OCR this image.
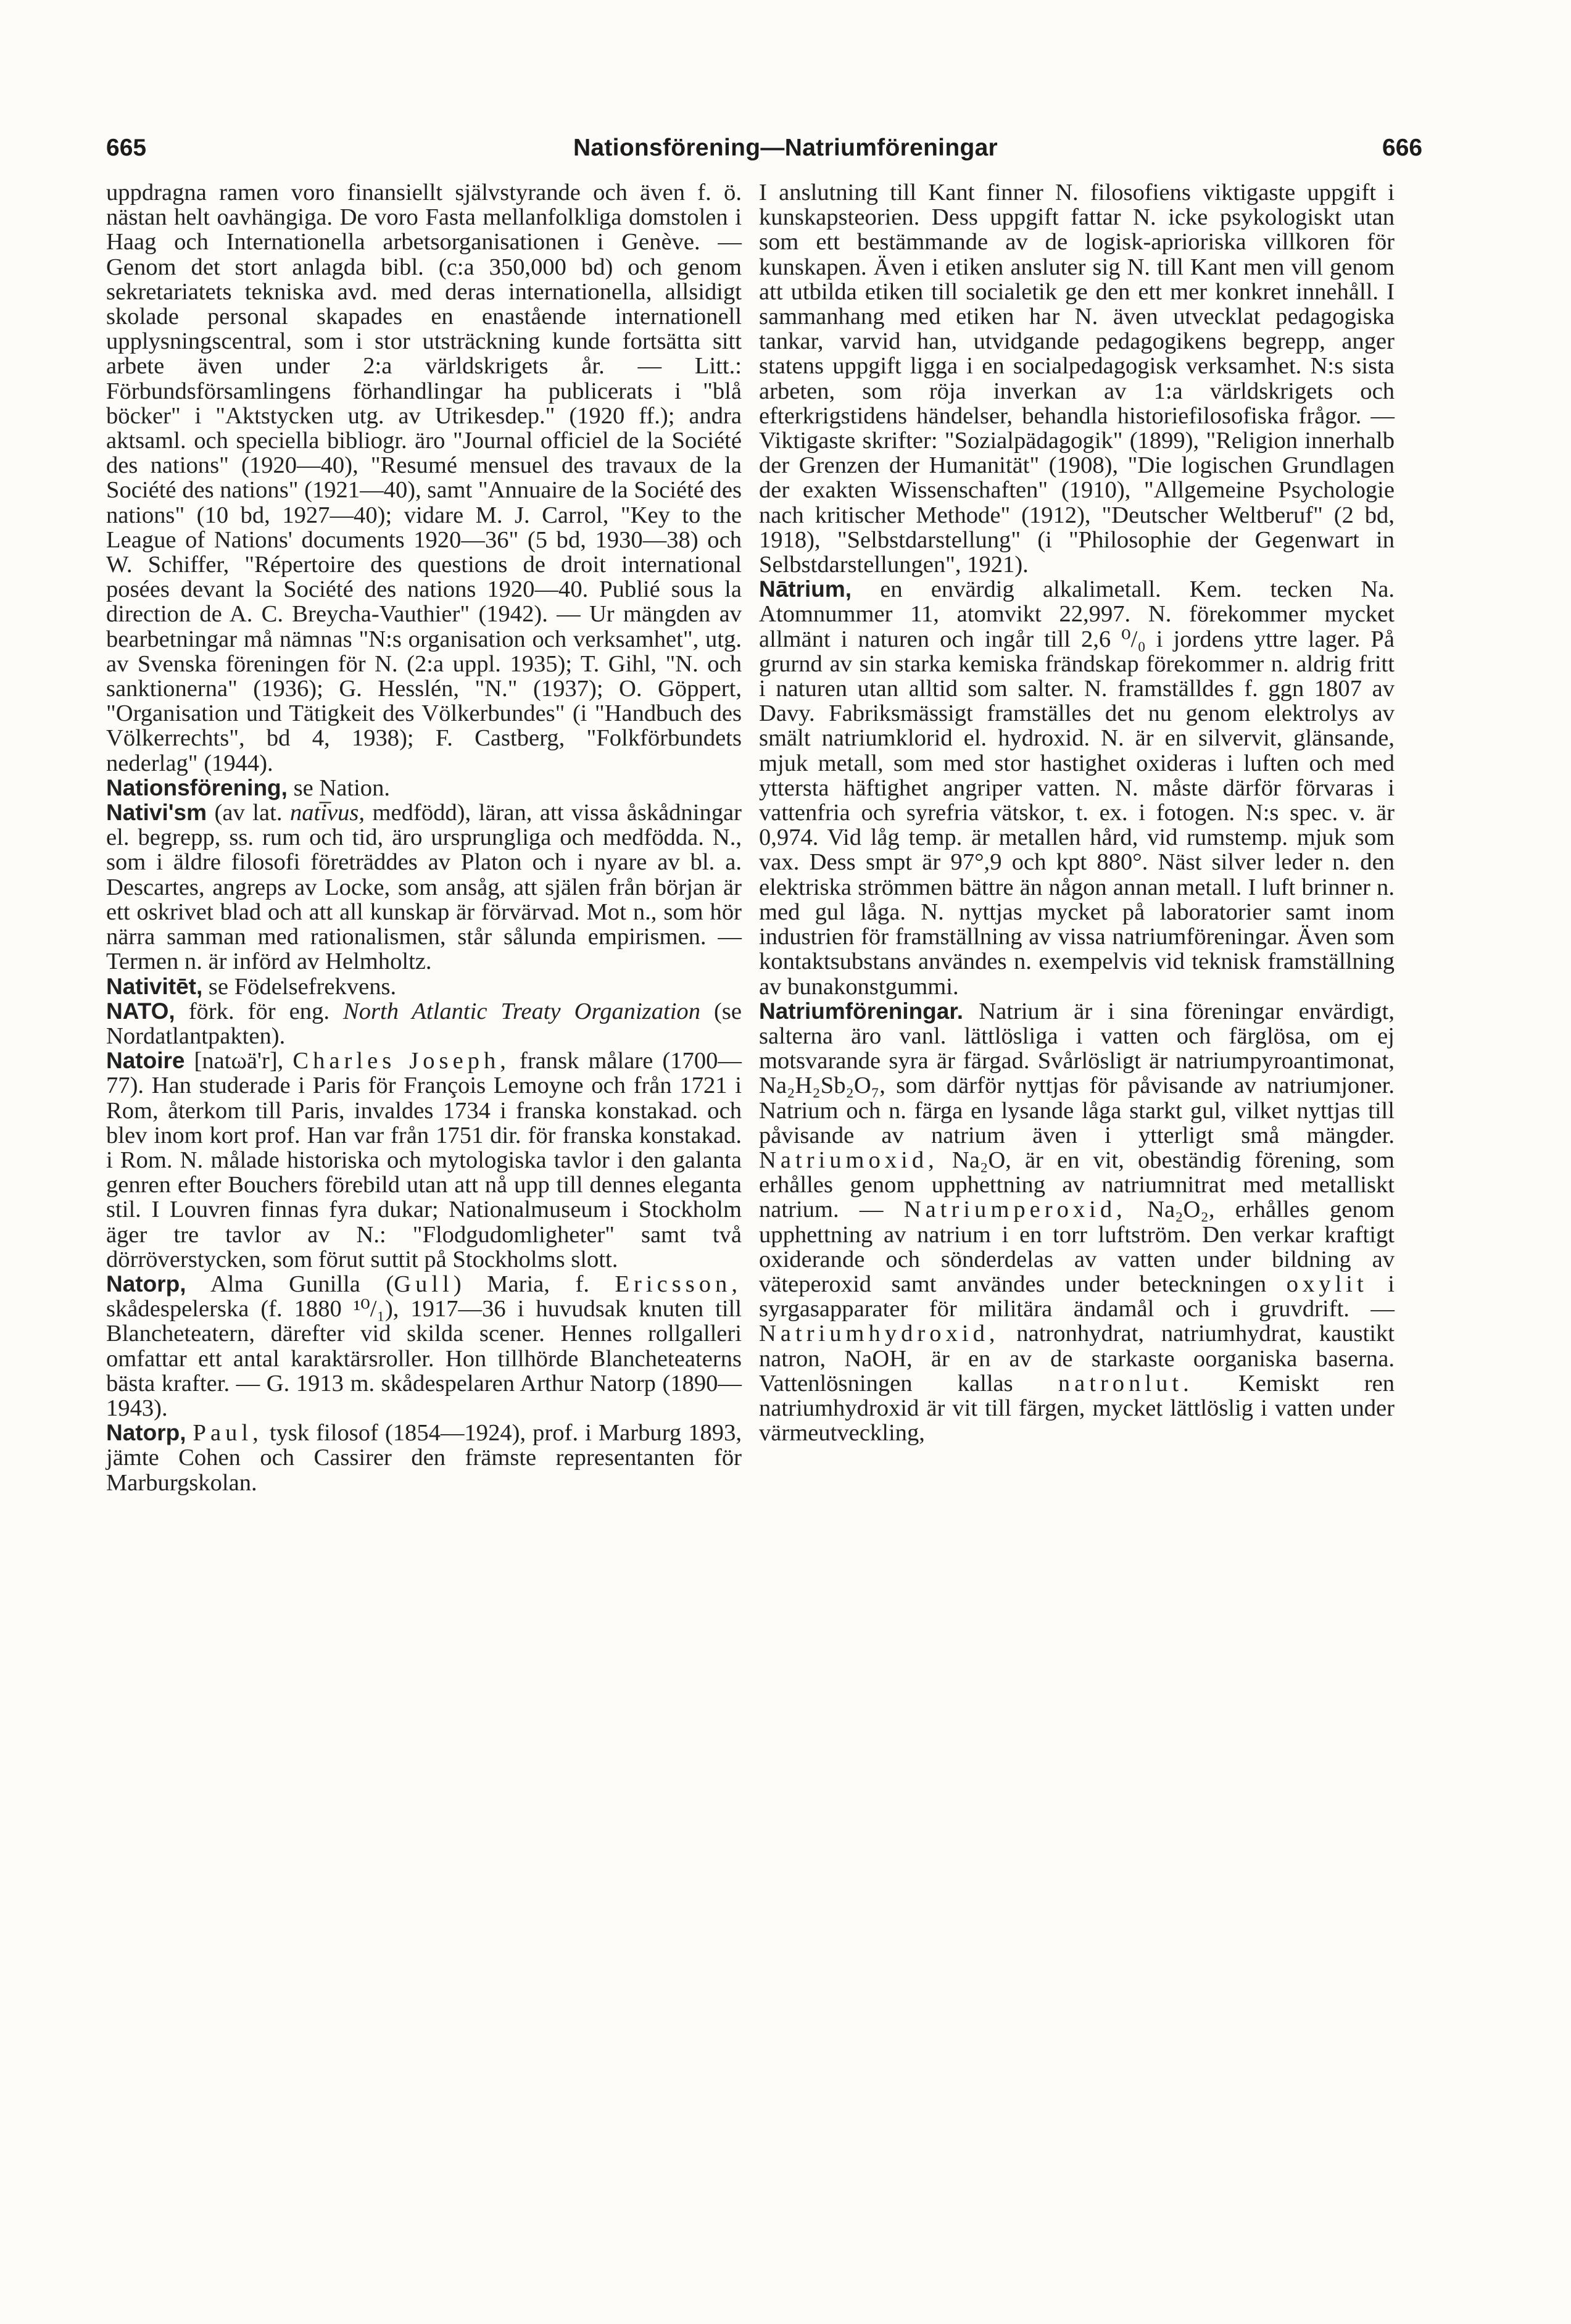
665	Nationsförening—Natriumföreningar	666

uppdragna ramen voro finansiellt självstyrande och även f. ö. nästan helt oavhängiga. De voro Fasta mellanfolkliga domstolen i Haag och Internationella arbetsorganisationen i Genève. — Genom det stort anlagda bibl. (c:a 350,000 bd) och genom sekretariatets tekniska avd. med deras internationella, allsidigt skolade personal skapades en enastående internationell upplysningscentral, som i stor utsträckning kunde fortsätta sitt arbete även under 2:a världskrigets år. — Litt.: Förbundsförsamlingens förhandlingar ha publicerats i "blå böcker" i "Aktstycken utg. av Utrikesdep." (1920 ff.); andra aktsaml. och speciella bibliogr. äro "Journal officiel de la Société des nations" (1920—40), "Resumé mensuel des travaux de la Société des nations" (1921—40), samt "Annuaire de la Société des nations" (10 bd, 1927—40); vidare M. J. Carrol, "Key to the League of Nations' documents 1920—36" (5 bd, 1930—38) och W. Schiffer, "Répertoire des questions de droit international posées devant la Société des nations 1920—40. Publié sous la direction de A. C. Breycha-Vauthier" (1942). — Ur mängden av bearbetningar må nämnas "N:s organisation och verksamhet", utg. av Svenska föreningen för N. (2:a uppl. 1935); T. Gihl, "N. och sanktionerna" (1936); G. Hesslén, "N." (1937); O. Göppert, "Organisation und Tätigkeit des Völkerbundes" (i "Handbuch des Völkerrechts", bd 4, 1938); F. Castberg, "Folkförbundets nederlag" (1944).

Nationsförening, se Nation.

Nativi'sm (av lat. nati̅vus, medfödd), läran, att vissa åskådningar el. begrepp, ss. rum och tid, äro ursprungliga och medfödda. N., som i äldre filosofi företräddes av Platon och i nyare av bl. a. Descartes, angreps av Locke, som ansåg, att själen från början är ett oskrivet blad och att all kunskap är förvärvad. Mot n., som hör närra samman med rationalismen, står sålunda empirismen. — Termen n. är införd av Helmholtz.

Nativitēt, se Födelsefrekvens.

NATO, förk. för eng. North Atlantic Treaty Organization (se Nordatlantpakten).

Natoire [natωä'r], Charles Joseph, fransk målare (1700—77). Han studerade i Paris för François Lemoyne och från 1721 i Rom, återkom till Paris, invaldes 1734 i franska konstakad. och blev inom kort prof. Han var från 1751 dir. för franska konstakad. i Rom. N. målade historiska och mytologiska tavlor i den galanta genren efter Bouchers förebild utan att nå upp till dennes eleganta stil. I Louvren finnas fyra dukar; Nationalmuseum i Stockholm äger tre tavlor av N.: "Flodgudomligheter" samt två dörröverstycken, som förut suttit på Stockholms slott.

Natorp, Alma Gunilla (Gull) Maria, f. Ericsson, skådespelerska (f. 1880 ¹⁰/₁), 1917—36 i huvudsak knuten till Blancheteatern, därefter vid skilda scener. Hennes rollgalleri omfattar ett antal karaktärsroller. Hon tillhörde Blancheteaterns bästa krafter. — G. 1913 m. skådespelaren Arthur Natorp (1890—1943).

Natorp, Paul, tysk filosof (1854—1924), prof. i Marburg 1893, jämte Cohen och Cassirer den främste representanten för Marburgskolan.

I anslutning till Kant finner N. filosofiens viktigaste uppgift i kunskapsteorien. Dess uppgift fattar N. icke psykologiskt utan som ett bestämmande av de logisk-aprioriska villkoren för kunskapen. Även i etiken ansluter sig N. till Kant men vill genom att utbilda etiken till socialetik ge den ett mer konkret innehåll. I sammanhang med etiken har N. även utvecklat pedagogiska tankar, varvid han, utvidgande pedagogikens begrepp, anger statens uppgift ligga i en socialpedagogisk verksamhet. N:s sista arbeten, som röja inverkan av 1:a världskrigets och efterkrigstidens händelser, behandla historiefilosofiska frågor. — Viktigaste skrifter: "Sozialpädagogik" (1899), "Religion innerhalb der Grenzen der Humanität" (1908), "Die logischen Grundlagen der exakten Wissenschaften" (1910), "Allgemeine Psychologie nach kritischer Methode" (1912), "Deutscher Weltberuf" (2 bd, 1918), "Selbstdarstellung" (i "Philosophie der Gegenwart in Selbstdarstellungen", 1921).

Nātrium, en envärdig alkalimetall. Kem. tecken Na. Atomnummer 11, atomvikt 22,997. N. förekommer mycket allmänt i naturen och ingår till 2,6 ⁰/₀ i jordens yttre lager. På grurnd av sin starka kemiska frändskap förekommer n. aldrig fritt i naturen utan alltid som salter. N. framställdes f. ggn 1807 av Davy. Fabriksmässigt framställes det nu genom elektrolys av smält natriumklorid el. hydroxid. N. är en silvervit, glänsande, mjuk metall, som med stor hastighet oxideras i luften och med yttersta häftighet angriper vatten. N. måste därför förvaras i vattenfria och syrefria vätskor, t. ex. i fotogen. N:s spec. v. är 0,974. Vid låg temp. är metallen hård, vid rumstemp. mjuk som vax. Dess smpt är 97°,9 och kpt 880°. Näst silver leder n. den elektriska strömmen bättre än någon annan metall. I luft brinner n. med gul låga. N. nyttjas mycket på laboratorier samt inom industrien för framställning av vissa natriumföreningar. Även som kontaktsubstans användes n. exempelvis vid teknisk framställning av bunakonstgummi.

Natriumföreningar. Natrium är i sina föreningar envärdigt, salterna äro vanl. lättlösliga i vatten och färglösa, om ej motsvarande syra är färgad. Svårlösligt är natriumpyroantimonat, Na₂H₂Sb₂O₇, som därför nyttjas för påvisande av natriumjoner. Natrium och n. färga en lysande låga starkt gul, vilket nyttjas till påvisande av natrium även i ytterligt små mängder. Natriumoxid, Na₂O, är en vit, obeständig förening, som erhålles genom upphettning av natriumnitrat med metalliskt natrium. — Natriumperoxid, Na₂O₂, erhålles genom upphettning av natrium i en torr luftström. Den verkar kraftigt oxiderande och sönderdelas av vatten under bildning av väteperoxid samt användes under beteckningen oxylit i syrgasapparater för militära ändamål och i gruvdrift. — Natriumhydroxid, natronhydrat, natriumhydrat, kaustikt natron, NaOH, är en av de starkaste oorganiska baserna. Vattenlösningen kallas natronlut. Kemiskt ren natriumhydroxid är vit till färgen, mycket lättlöslig i vatten under värmeutveckling,
